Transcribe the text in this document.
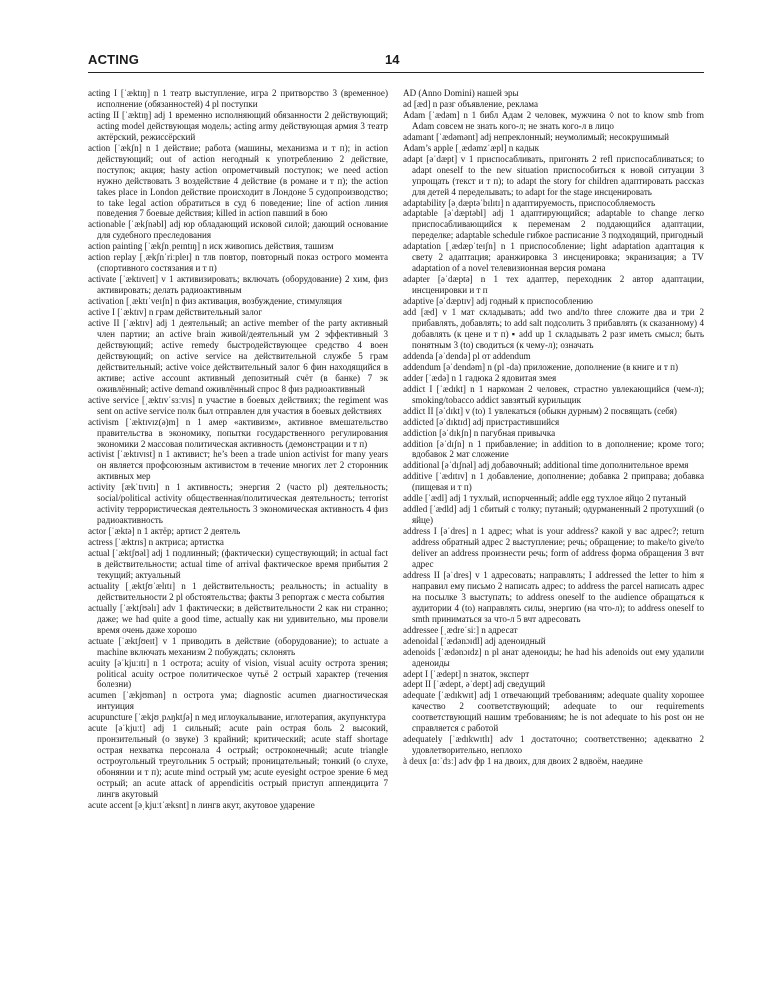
ACTING	14
acting I [ˈæktɪŋ] n 1 театр выступление, игра 2 притворство 3 (временное) исполнение (обязанностей) 4 pl поступки
acting II [ˈæktɪŋ] adj 1 временно исполняющий обязанности 2 действующий; acting model действующая модель; acting army действующая армия 3 театр актёрский, режиссёрский
action [ˈækʃn] n 1 действие; работа (машины, механизма и т п); in action действующий; out of action негодный к употреблению 2 действие, поступок; акция; hasty action опрометчивый поступок; we need action нужно действовать 3 воздействие 4 действие (в романе и т п); the action takes place in London действие происходит в Лондоне 5 судопроизводство; to take legal action обратиться в суд 6 поведение; line of action линия поведения 7 боевые действия; killed in action павший в бою
actionable [ˈækʃnəbl] adj юр обладающий исковой силой; дающий основание для судебного преследования
action painting [ˈækʃnˌpeɪntɪŋ] n иск живопись действия, ташизм
action replay [ˌækʃnˈriːpleɪ] n тлв повтор, повторный показ острого момента (спортивного состязания и т п)
activate [ˈæktɪveɪt] v 1 активизировать; включать (оборудование) 2 хим, физ активировать; делать радиоактивным
activation [ˌæktɪˈveɪʃn] n физ активация, возбуждение, стимуляция
active I [ˈæktɪv] n грам действительный залог
active II [ˈæktɪv] adj 1 деятельный; an active member of the party активный член партии; an active brain живой/деятельный ум 2 эффективный 3 действующий; active remedy быстродействующее средство 4 воен действующий; on active service на действительной службе 5 грам действительный; active voice действительный залог 6 фин находящийся в активе; active account активный депозитный счёт (в банке) 7 эк оживлённый; active demand оживлённый спрос 8 физ радиоактивный
active service [ˌæktɪvˈsɜːvɪs] n участие в боевых действиях; the regiment was sent on active service полк был отправлен для участия в боевых действиях
activism [ˈæktɪvɪz(ə)m] n 1 амер «активизм», активное вмешательство правительства в экономику, попытки государственного регулирования экономики 2 массовая политическая активность (демонстрации и т п)
activist [ˈæktɪvɪst] n 1 активист; he’s been a trade union activist for many years он является профсоюзным активистом в течение многих лет 2 сторонник активных мер
activity [ækˈtɪvɪtɪ] n 1 активность; энергия 2 (часто pl) деятельность; social/political activity общественная/политическая деятельность; terrorist activity террористическая деятельность 3 экономическая активность 4 физ радиоактивность
actor [ˈæktə] n 1 актёр; артист 2 деятель
actress [ˈæktrɪs] n актриса; артистка
actual [ˈæktʃʊəl] adj 1 подлинный; (фактически) существующий; in actual fact в действительности; actual time of arrival фактическое время прибытия 2 текущий; актуальный
actuality [ˌæktʃʊˈælɪtɪ] n 1 действительность; реальность; in actuality в действительности 2 pl обстоятельства; факты 3 репортаж с места события
actually [ˈæktʃʊəlɪ] adv 1 фактически; в действительности 2 как ни странно; даже; we had quite a good time, actually как ни удивительно, мы провели время очень даже хорошо
actuate [ˈæktʃʊeɪt] v 1 приводить в действие (оборудование); to actuate a machine включать механизм 2 побуждать; склонять
acuity [əˈkjuːɪtɪ] n 1 острота; acuity of vision, visual acuity острота зрения; political acuity острое политическое чутьё 2 острый характер (течения болезни)
acumen [ˈækjʊmən] n острота ума; diagnostic acumen диагностическая интуиция
acupuncture [ˈækjʊˌpʌŋktʃə] n мед иглоукалывание, иглотерапия, акупунктура
acute [əˈkjuːt] adj 1 сильный; acute pain острая боль 2 высокий, пронзительный (о звуке) 3 крайний; критический; acute staff shortage острая нехватка персонала 4 острый; остроконечный; acute triangle остроугольный треугольник 5 острый; проницательный; тонкий (о слухе, обонянии и т п); acute mind острый ум; acute eyesight острое зрение 6 мед острый; an acute attack of appendicitis острый приступ аппендицита 7 лингв акутовый
acute accent [əˌkjuːtˈæksnt] n лингв акут, акутовое ударение
AD (Anno Domini) нашей эры
ad [æd] n разг объявление, реклама
Adam [ˈædəm] n 1 библ Адам 2 человек, мужчина ◊ not to know smb from Adam совсем не знать кого-л; не знать кого-л в лицо
adamant [ˈædəmənt] adj непреклонный; неумолимый; несокрушимый
Adam’s apple [ˌædəmzˈæpl] n кадык
adapt [əˈdæpt] v 1 приспосабливать, пригонять 2 refl приспосабливаться; to adapt oneself to the new situation приспособиться к новой ситуации 3 упрощать (текст и т п); to adapt the story for children адаптировать рассказ для детей 4 переделывать; to adapt for the stage инсценировать
adaptability [əˌdæptəˈbɪlɪtɪ] n адаптируемость, приспособляемость
adaptable [əˈdæptəbl] adj 1 адаптирующийся; adaptable to change легко приспосабливающийся к переменам 2 поддающийся адаптации, переделке; adaptable schedule гибкое расписание 3 подходящий, пригодный
adaptation [ˌædæpˈteɪʃn] n 1 приспособление; light adaptation адаптация к свету 2 адаптация; аранжировка 3 инсценировка; экранизация; a TV adaptation of a novel телевизионная версия романа
adapter [əˈdæptə] n 1 тех адаптер, переходник 2 автор адаптации, инсценировки и т п
adaptive [əˈdæptɪv] adj годный к приспособлению
add [æd] v 1 мат складывать; add two and/to three сложите два и три 2 прибавлять, добавлять; to add salt подсолить 3 прибавлять (к сказанному) 4 добавлять (к цене и т п) ▪ add up 1 складывать 2 разг иметь смысл; быть понятным 3 (to) сводиться (к чему-л); означать
addenda [əˈdendə] pl от addendum
addendum [əˈdendəm] n (pl -da) приложение, дополнение (в книге и т п)
adder [ˈædə] n 1 гадюка 2 ядовитая змея
addict I [ˈædɪkt] n 1 наркоман 2 человек, страстно увлекающийся (чем-л); smoking/tobacco addict завзятый курильщик
addict II [əˈdɪkt] v (to) 1 увлекаться (обыкн дурным) 2 посвящать (себя)
addicted [əˈdɪktɪd] adj пристрастившийся
addiction [əˈdɪkʃn] n пагубная привычка
addition [əˈdɪʃn] n 1 прибавление; in addition to в дополнение; кроме того; вдобавок 2 мат сложение
additional [əˈdɪʃnəl] adj добавочный; additional time дополнительное время
additive [ˈædɪtɪv] n 1 добавление, дополнение; добавка 2 приправа; добавка (пищевая и т п)
addle [ˈædl] adj 1 тухлый, испорченный; addle egg тухлое яйцо 2 путаный
addled [ˈædld] adj 1 сбитый с толку; путаный; одурманенный 2 протухший (о яйце)
address I [əˈdres] n 1 адрес; what is your address? какой у вас адрес?; return address обратный адрес 2 выступление; речь; обращение; to make/to give/to deliver an address произнести речь; form of address форма обращения 3 вчт адрес
address II [əˈdres] v 1 адресовать; направлять; I addressed the letter to him я направил ему письмо 2 написать адрес; to address the parcel написать адрес на посылке 3 выступать; to address oneself to the audience обращаться к аудитории 4 (to) направлять силы, энергию (на что-л); to address oneself to smth приниматься за что-л 5 вчт адресовать
addressee [ˌædreˈsiː] n адресат
adenoidal [ˈædənɔɪdl] adj аденоидный
adenoids [ˈædənɔɪdz] n pl анат аденоиды; he had his adenoids out ему удалили аденоиды
adept I [ˈædept] n знаток, эксперт
adept II [ˈædept, əˈdept] adj сведущий
adequate [ˈædɪkwɪt] adj 1 отвечающий требованиям; adequate quality хорошее качество 2 соответствующий; adequate to our requirements соответствующий нашим требованиям; he is not adequate to his post он не справляется с работой
adequately [ˈædɪkwɪtlɪ] adv 1 достаточно; соответственно; адекватно 2 удовлетворительно, неплохо
à deux [ɑːˈdɜː] adv фр 1 на двоих, для двоих 2 вдвоём, наедине
